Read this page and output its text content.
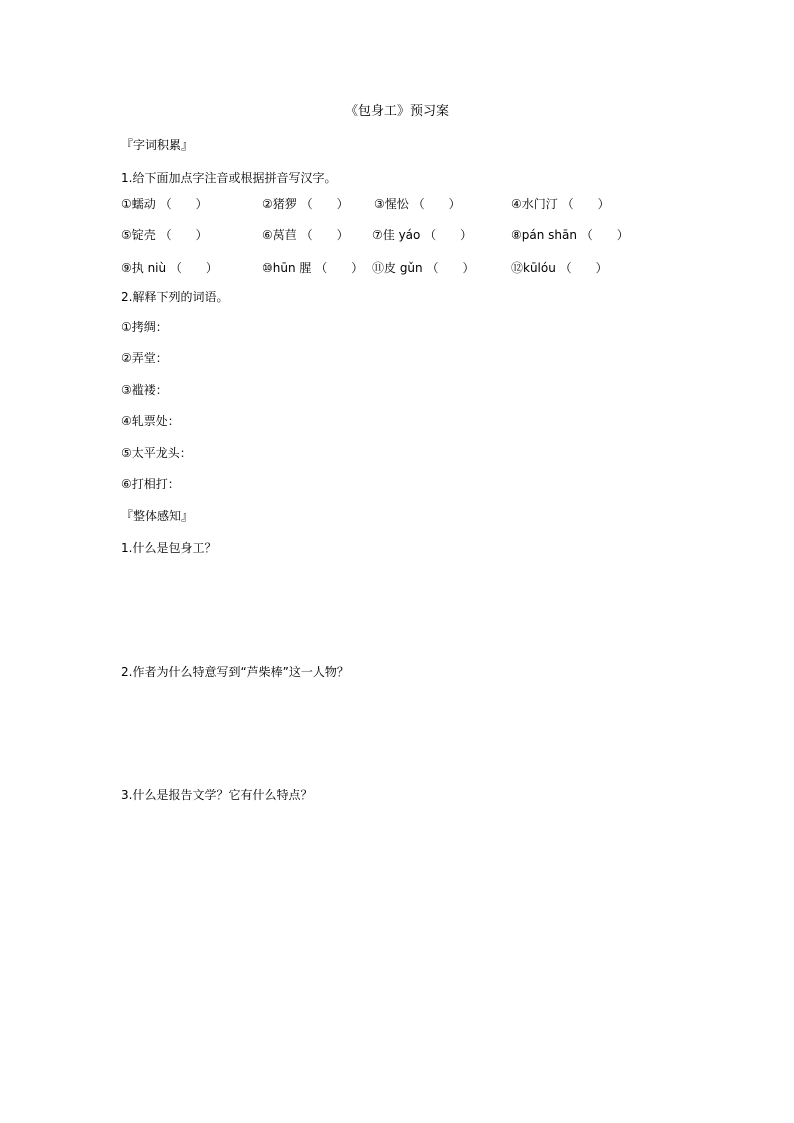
《包身工》预习案
『字词积累』
1.给下面加点字注音或根据拼音写汉字。
①蠕动 （　　）	②猪猡 （　　） ③惺忪 （　　）	④水门汀 （　　）
⑤锭壳 （　　）	⑥莴苣 （　　） ⑦佳 yáo （　　）	⑧pán shān （　　）
⑨执 niù （　　）	⑩hūn 腥 （　　） ⑪皮 gǔn （　　）	⑫kūlóu （　　）
2.解释下列的词语。
①拷绸：
②弄堂：
③褴褛：
④轧票处：
⑤太平龙头：
⑥打相打：
『整体感知』
1.什么是包身工？
2.作者为什么特意写到“芦柴棒”这一人物？
3.什么是报告文学？它有什么特点？
